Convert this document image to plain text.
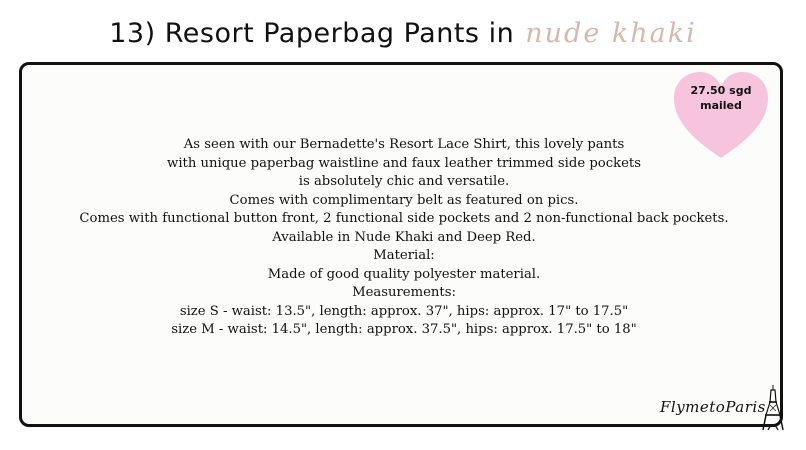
13) Resort Paperbag Pants in nude khaki
27.50 sgd
mailed
As seen with our Bernadette's Resort Lace Shirt, this lovely pants
with unique paperbag waistline and faux leather trimmed side pockets
is absolutely chic and versatile.
Comes with complimentary belt as featured on pics.
Comes with functional button front, 2 functional side pockets and 2 non-functional back pockets.
Available in Nude Khaki and Deep Red.
Material:
Made of good quality polyester material.
Measurements:
size S - waist: 13.5", length: approx. 37", hips: approx. 17" to 17.5"
size M - waist: 14.5", length: approx. 37.5", hips: approx. 17.5" to 18"
FlymetoParis
